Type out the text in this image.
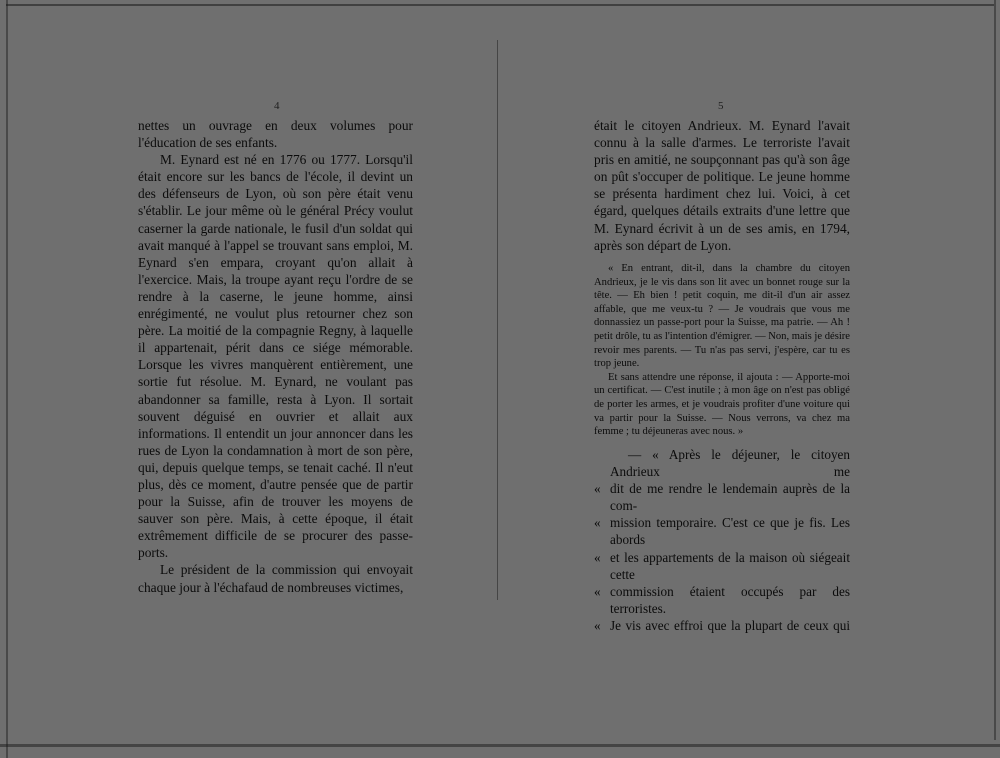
4

nettes un ouvrage en deux volumes pour l'éducation de ses enfants.

M. Eynard est né en 1776 ou 1777. Lorsqu'il était encore sur les bancs de l'école, il devint un des défenseurs de Lyon, où son père était venu s'établir. Le jour même où le général Précy voulut caserner la garde nationale, le fusil d'un soldat qui avait manqué à l'appel se trouvant sans emploi, M. Eynard s'en empara, croyant qu'on allait à l'exercice. Mais, la troupe ayant reçu l'ordre de se rendre à la caserne, le jeune homme, ainsi enrégimenté, ne voulut plus retourner chez son père. La moitié de la compagnie Regny, à laquelle il appartenait, périt dans ce siége mémorable. Lorsque les vivres manquèrent entièrement, une sortie fut résolue. M. Eynard, ne voulant pas abandonner sa famille, resta à Lyon. Il sortait souvent déguisé en ouvrier et allait aux informations. Il entendit un jour annoncer dans les rues de Lyon la condamnation à mort de son père, qui, depuis quelque temps, se tenait caché. Il n'eut plus, dès ce moment, d'autre pensée que de partir pour la Suisse, afin de trouver les moyens de sauver son père. Mais, à cette époque, il était extrêmement difficile de se procurer des passe-ports.

Le président de la commission qui envoyait chaque jour à l'échafaud de nombreuses victimes,

5

était le citoyen Andrieux. M. Eynard l'avait connu à la salle d'armes. Le terroriste l'avait pris en amitié, ne soupçonnant pas qu'à son âge on pût s'occuper de politique. Le jeune homme se présenta hardiment chez lui. Voici, à cet égard, quelques détails extraits d'une lettre que M. Eynard écrivit à un de ses amis, en 1794, après son départ de Lyon.

« En entrant, dit-il, dans la chambre du citoyen Andrieux, je le vis dans son lit avec un bonnet rouge sur la tête. — Eh bien ! petit coquin, me dit-il d'un air assez affable, que me veux-tu ? — Je voudrais que vous me donnassiez un passe-port pour la Suisse, ma patrie. — Ah ! petit drôle, tu as l'intention d'émigrer. — Non, mais je désire revoir mes parents. — Tu n'as pas servi, j'espère, car tu es trop jeune.

Et sans attendre une réponse, il ajouta : — Apporte-moi un certificat. — C'est inutile ; à mon âge on n'est pas obligé de porter les armes, et je voudrais profiter d'une voiture qui va partir pour la Suisse. — Nous verrons, va chez ma femme ; tu déjeuneras avec nous. »

— « Après le déjeuner, le citoyen Andrieux me
« dit de me rendre le lendemain auprès de la com-
« mission temporaire. C'est ce que je fis. Les abords
« et les appartements de la maison où siégeait cette
« commission étaient occupés par des terroristes.
« Je vis avec effroi que la plupart de ceux qui
